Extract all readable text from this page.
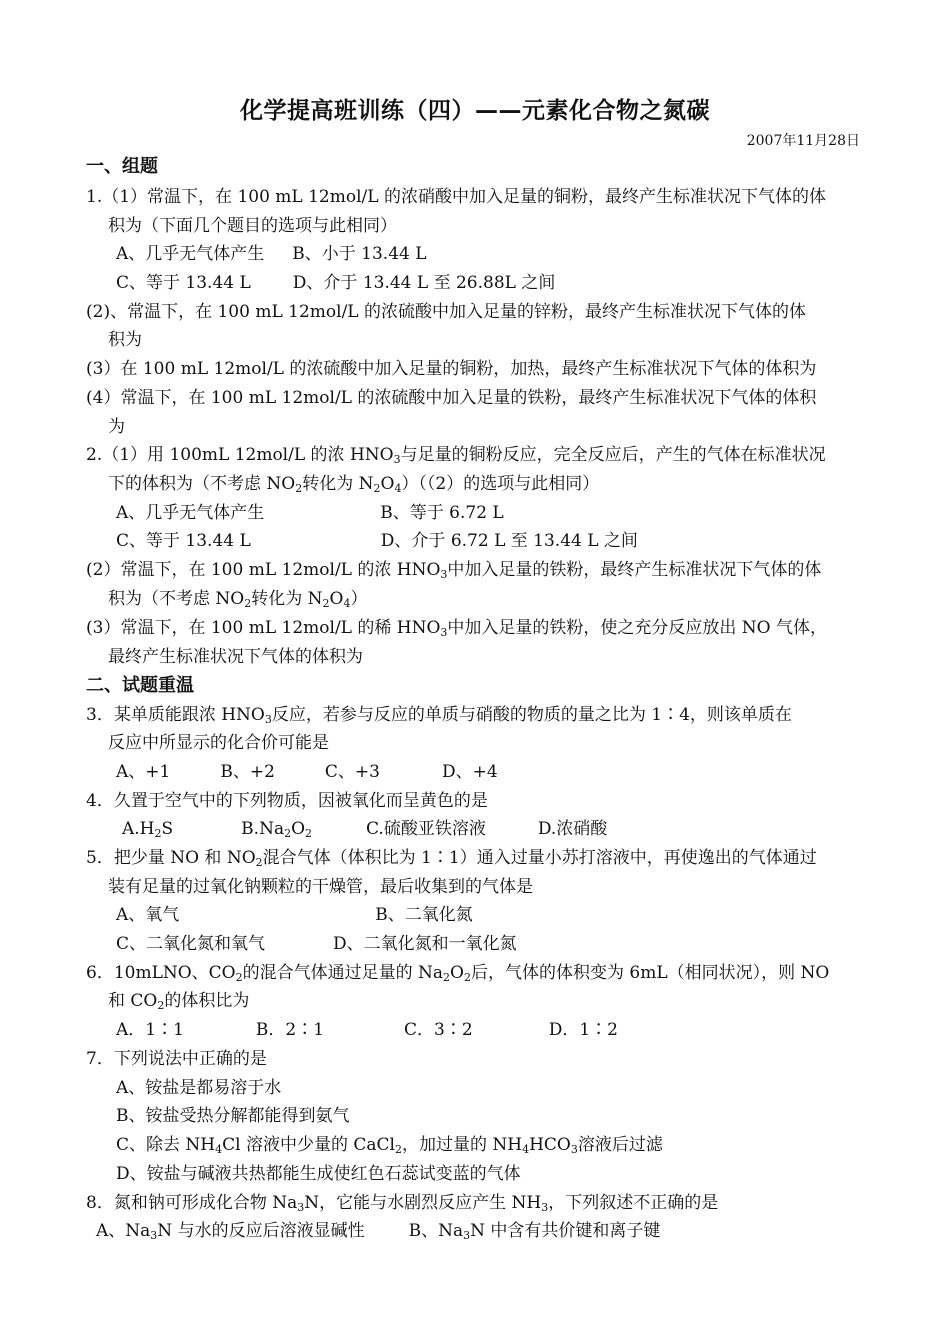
化学提高班训练（四）——元素化合物之氮碳
2007年11月28日
一、组题
1.（1）常温下，在 100 mL 12mol/L 的浓硝酸中加入足量的铜粉，最终产生标准状况下气体的体
积为（下面几个题目的选项与此相同）
A、几乎无气体产生 B、小于 13.44 L
C、等于 13.44 L D、介于 13.44 L 至 26.88L 之间
(2)、常温下，在 100 mL 12mol/L 的浓硫酸中加入足量的锌粉，最终产生标准状况下气体的体
积为
(3）在 100 mL 12mol/L 的浓硫酸中加入足量的铜粉，加热，最终产生标准状况下气体的体积为
(4）常温下，在 100 mL 12mol/L 的浓硫酸中加入足量的铁粉，最终产生标准状况下气体的体积
为
2.（1）用 100mL 12mol/L 的浓 $HNO_3$与足量的铜粉反应，完全反应后，产生的气体在标准状况
下的体积为（不考虑 $NO_2$转化为 $N_2O_4)((2)$的选项与此相同）
A、几乎无气体产生	B、等于 6.72 L
C、等于 13.44 L	D、介于 6.72 L 至 13.44 L 之间
(2）常温下，在 100 mL 12mol/L 的浓 $HNO_3$中加入足量的铁粉，最终产生标准状况下气体的体
积为（不考虑 $NO_2$转化为 $N_2O_4$）
(3）常温下，在 100 mL 12mol/L 的稀 $HNO_3$中加入足量的铁粉，使之充分反应放出 NO 气体，
最终产生标准状况下气体的体积为
二、试题重温
3．某单质能跟浓 $HNO_3$反应，若参与反应的单质与硝酸的物质的量之比为 1∶4，则该单质在
反应中所显示的化合价可能是
A、+1	B、+2	C、+3	D、+4
4．久置于空气中的下列物质，因被氧化而呈黄色的是
$A.H_2S$	$B.Na_2O_2$	C.硫酸亚铁溶液	D.浓硝酸
5．把少量 NO 和 $NO_2$混合气体（体积比为 1∶1）通入过量小苏打溶液中，再使逸出的气体通过
装有足量的过氧化钠颗粒的干燥管，最后收集到的气体是
A、氧气	B、二氧化氮
C、二氧化氮和氧气	D、二氧化氮和一氧化氮
6．10mLNO、$CO_2$的混合气体通过足量的 $Na_2O_2$后，气体的体积变为 6mL（相同状况），则 NO
和 $CO_2$的体积比为
A．1∶1	B．2∶1	C．3∶2	D．1∶2
7．下列说法中正确的是
A、铵盐是都易溶于水
B、铵盐受热分解都能得到氨气
C、除去 $NH_4Cl$ 溶液中少量的 CaCl$_2$，加过量的 $NH_4HCO_3$溶液后过滤
D、铵盐与碱液共热都能生成使红色石蕊试变蓝的气体
8．氮和钠可形成化合物 $Na_3N$，它能与水剧烈反应产生 $NH_3$，下列叙述不正确的是
A、$Na_3N$ 与水的反应后溶液显碱性	B、$Na_3N$ 中含有共价键和离子键
